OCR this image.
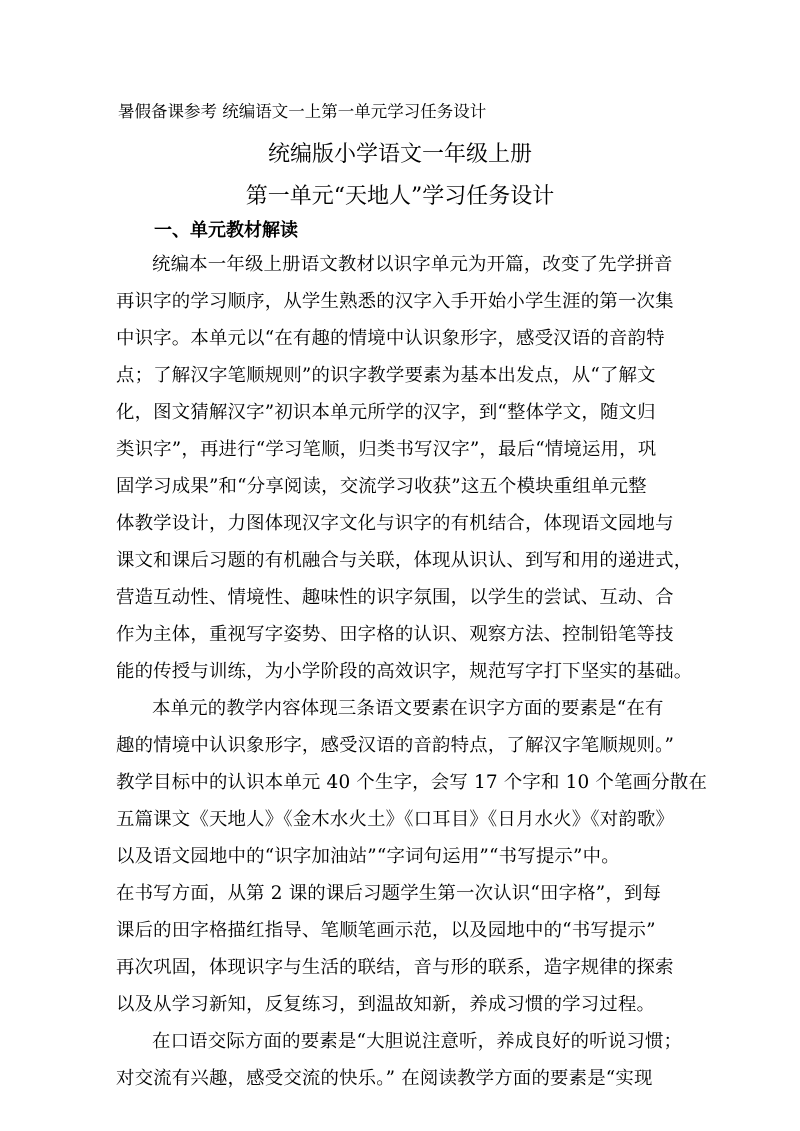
暑假备课参考 统编语文一上第一单元学习任务设计
统编版小学语文一年级上册
第一单元“天地人”学习任务设计
一、单元教材解读
统编本一年级上册语文教材以识字单元为开篇，改变了先学拼音
再识字的学习顺序，从学生熟悉的汉字入手开始小学生涯的第一次集
中识字。本单元以“在有趣的情境中认识象形字，感受汉语的音韵特
点；了解汉字笔顺规则”的识字教学要素为基本出发点，从“了解文
化，图文猜解汉字”初识本单元所学的汉字，到“整体学文，随文归
类识字”，再进行“学习笔顺，归类书写汉字”，最后“情境运用，巩
固学习成果”和“分享阅读，交流学习收获”这五个模块重组单元整
体教学设计，力图体现汉字文化与识字的有机结合，体现语文园地与
课文和课后习题的有机融合与关联，体现从识认、到写和用的递进式，
营造互动性、情境性、趣味性的识字氛围，以学生的尝试、互动、合
作为主体，重视写字姿势、田字格的认识、观察方法、控制铅笔等技
能的传授与训练，为小学阶段的高效识字，规范写字打下坚实的基础。
本单元的教学内容体现三条语文要素在识字方面的要素是“在有
趣的情境中认识象形字，感受汉语的音韵特点，了解汉字笔顺规则。”
教学目标中的认识本单元 40 个生字，会写 17 个字和 10 个笔画分散在
五篇课文《天地人》《金木水火土》《口耳目》《日月水火》《对韵歌》
以及语文园地中的“识字加油站”“字词句运用”“书写提示”中。
在书写方面，从第 2 课的课后习题学生第一次认识“田字格”，到每
课后的田字格描红指导、笔顺笔画示范，以及园地中的“书写提示”
再次巩固，体现识字与生活的联结，音与形的联系，造字规律的探索
以及从学习新知，反复练习，到温故知新，养成习惯的学习过程。
在口语交际方面的要素是“大胆说注意听，养成良好的听说习惯；
对交流有兴趣，感受交流的快乐。” 在阅读教学方面的要素是“实现
